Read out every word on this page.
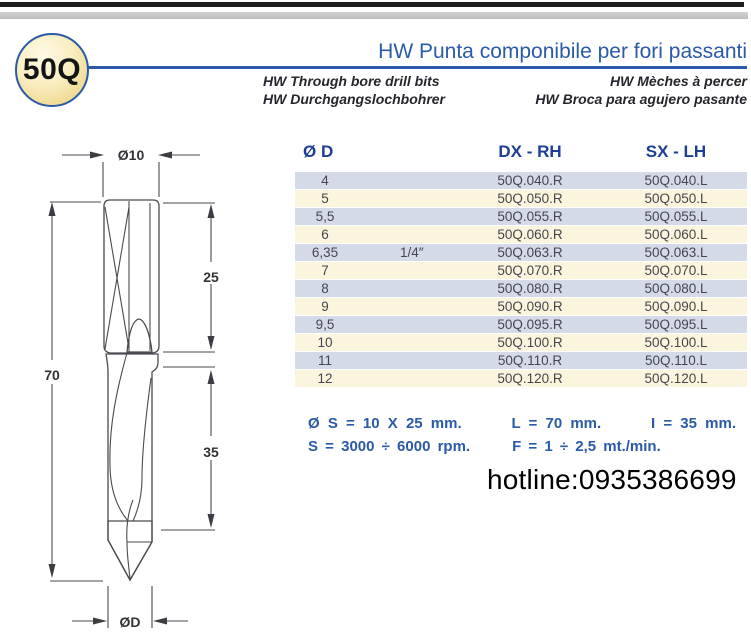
50Q
HW Punta componibile per fori passanti
HW Through bore drill bits	HW Mèches à percer
HW Durchgangslochbohrer	HW Broca para agujero pasante
Ø10
70
25
35
ØD
Ø D	DX - RH	SX - LH
4	50Q.040.R	50Q.040.L
5	50Q.050.R	50Q.050.L
5,5	50Q.055.R	50Q.055.L
6	50Q.060.R	50Q.060.L
6,35	1/4″	50Q.063.R	50Q.063.L
7	50Q.070.R	50Q.070.L
8	50Q.080.R	50Q.080.L
9	50Q.090.R	50Q.090.L
9,5	50Q.095.R	50Q.095.L
10	50Q.100.R	50Q.100.L
11	50Q.110.R	50Q.110.L
12	50Q.120.R	50Q.120.L
Ø S = 10 X 25 mm.	L = 70 mm.	I = 35 mm.
S = 3000 ÷ 6000 rpm.	F = 1 ÷ 2,5 mt./min.
hotline:0935386699
